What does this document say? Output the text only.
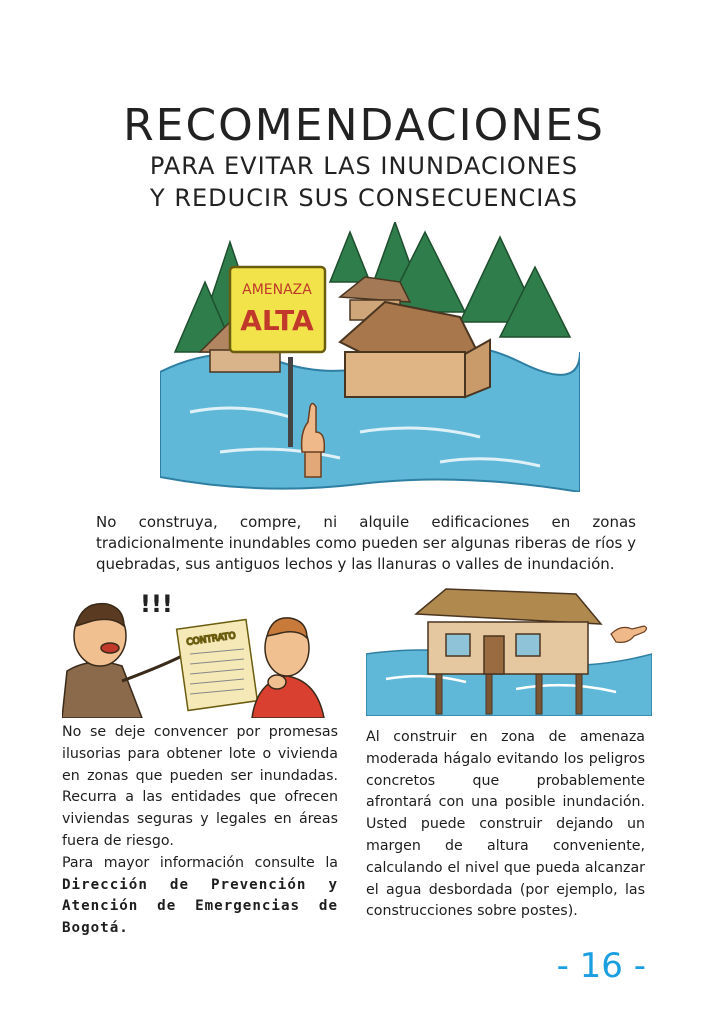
RECOMENDACIONES
PARA EVITAR LAS INUNDACIONES
Y REDUCIR SUS CONSECUENCIAS
AMENAZA
ALTA
No construya, compre, ni alquile edificaciones en zonas tradicionalmente inundables como pueden ser algunas riberas de ríos y quebradas, sus antiguos lechos y las llanuras o valles de inundación.
!!!
CONTRATO
No se deje convencer por promesas ilusorias para obtener lote o vivienda en zonas que pueden ser inundadas. Recurra a las entidades que ofrecen viviendas seguras y legales en áreas fuera de riesgo.
Para mayor información consulte la Dirección de Prevención y Atención de Emergencias de Bogotá.
Al construir en zona de amenaza moderada hágalo evitando los peligros concretos que probablemente afrontará con una posible inundación. Usted puede construir dejando un margen de altura conveniente, calculando el nivel que pueda alcanzar el agua desbordada (por ejemplo, las construcciones sobre postes).
- 16 -
